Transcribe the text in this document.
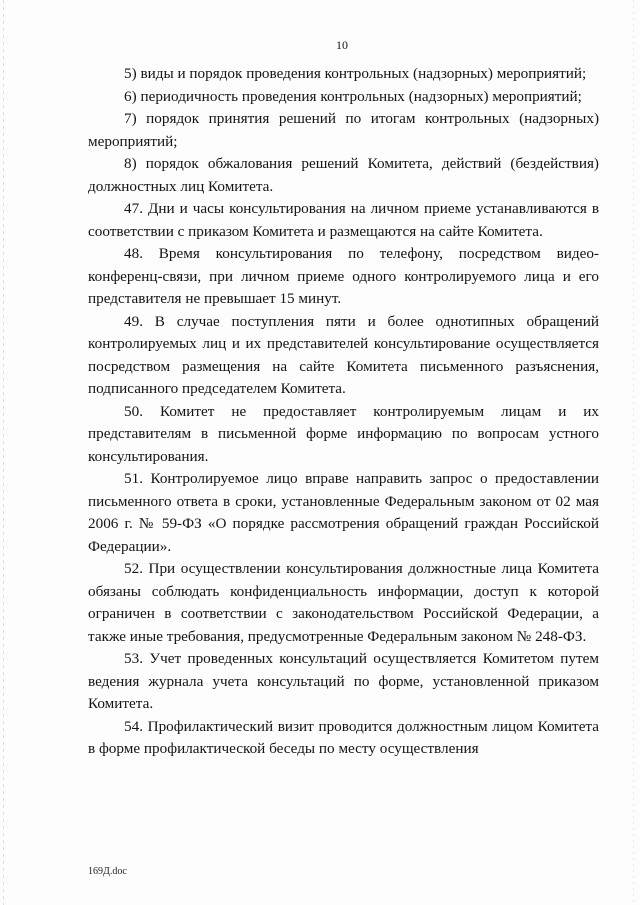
10

5) виды и порядок проведения контрольных (надзорных) мероприятий;

6) периодичность проведения контрольных (надзорных) мероприятий;

7) порядок принятия решений по итогам контрольных (надзорных) мероприятий;

8) порядок обжалования решений Комитета, действий (бездействия) должностных лиц Комитета.

47. Дни и часы консультирования на личном приеме устанавливаются в соответствии с приказом Комитета и размещаются на сайте Комитета.

48. Время консультирования по телефону, посредством видео-конференц-связи, при личном приеме одного контролируемого лица и его представителя не превышает 15 минут.

49. В случае поступления пяти и более однотипных обращений контролируемых лиц и их представителей консультирование осуществляется посредством размещения на сайте Комитета письменного разъяснения, подписанного председателем Комитета.

50. Комитет не предоставляет контролируемым лицам и их представителям в письменной форме информацию по вопросам устного консультирования.

51. Контролируемое лицо вправе направить запрос о предоставлении письменного ответа в сроки, установленные Федеральным законом от 02 мая 2006 г. № 59-ФЗ «О порядке рассмотрения обращений граждан Российской Федерации».

52. При осуществлении консультирования должностные лица Комитета обязаны соблюдать конфиденциальность информации, доступ к которой ограничен в соответствии с законодательством Российской Федерации, а также иные требования, предусмотренные Федеральным законом № 248-ФЗ.

53. Учет проведенных консультаций осуществляется Комитетом путем ведения журнала учета консультаций по форме, установленной приказом Комитета.

54. Профилактический визит проводится должностным лицом Комитета в форме профилактической беседы по месту осуществления

169Д.doc
